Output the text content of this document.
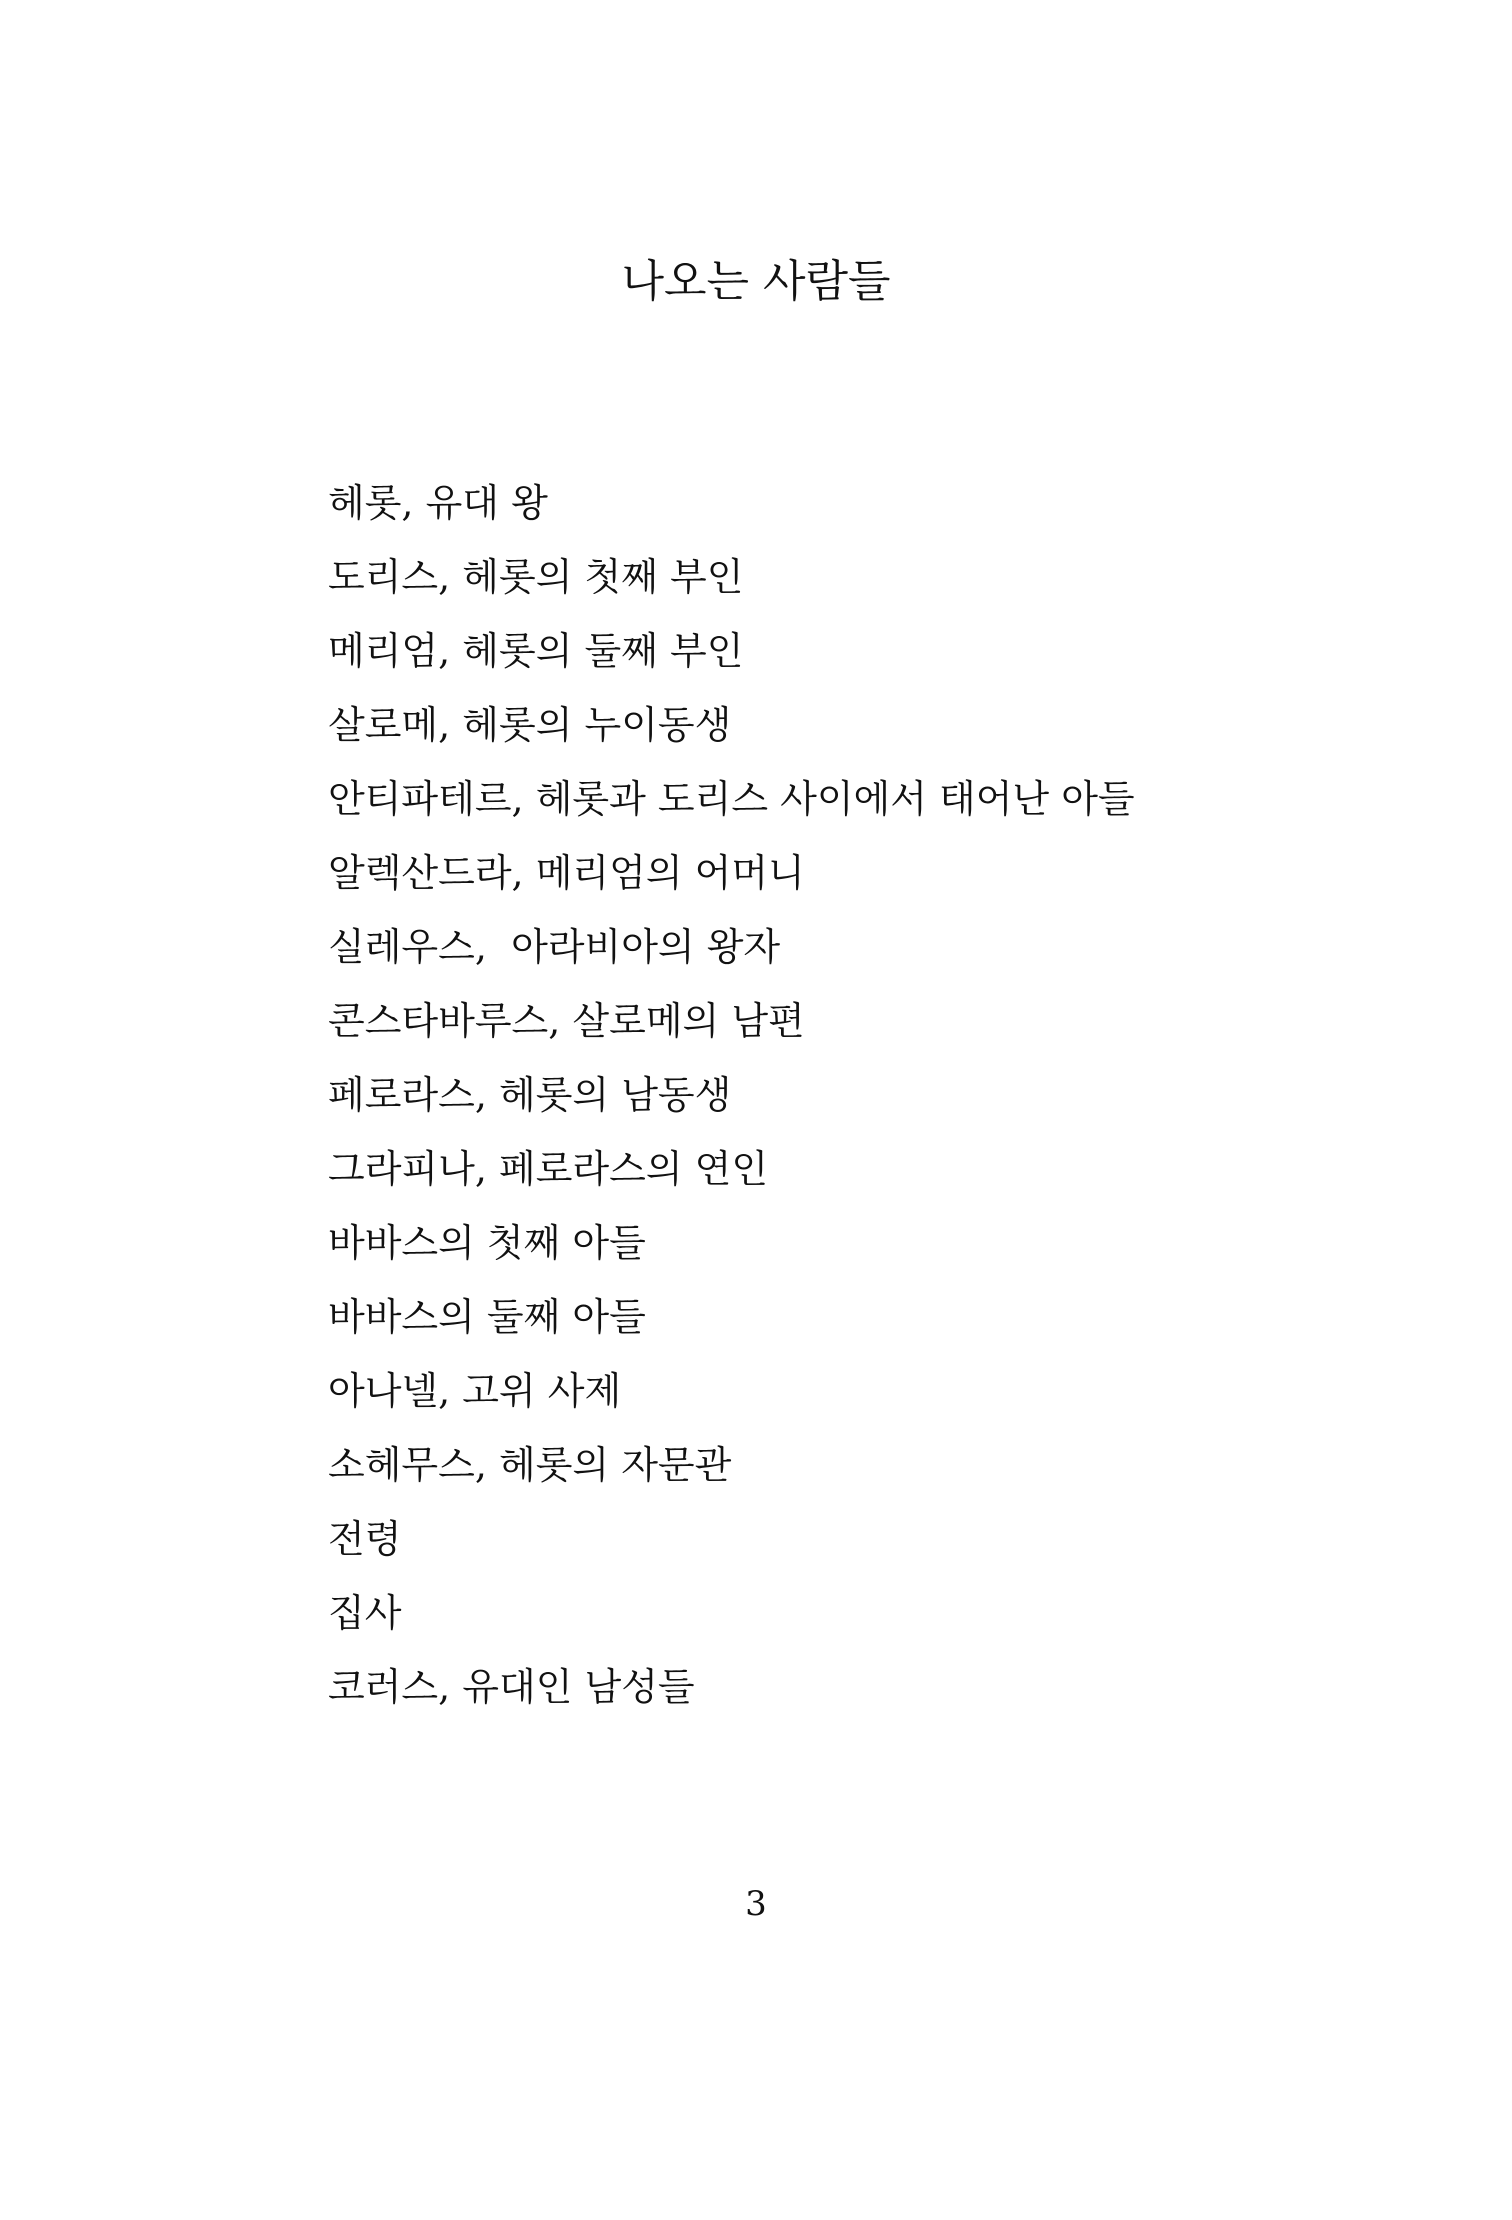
나오는 사람들
헤롯, 유대 왕
도리스, 헤롯의 첫째 부인
메리엄, 헤롯의 둘째 부인
살로메, 헤롯의 누이동생
안티파테르, 헤롯과 도리스 사이에서 태어난 아들
알렉산드라, 메리엄의 어머니
실레우스,  아라비아의 왕자
콘스타바루스, 살로메의 남편
페로라스, 헤롯의 남동생
그라피나, 페로라스의 연인
바바스의 첫째 아들
바바스의 둘째 아들
아나넬, 고위 사제
소헤무스, 헤롯의 자문관
전령
집사
코러스, 유대인 남성들
3
